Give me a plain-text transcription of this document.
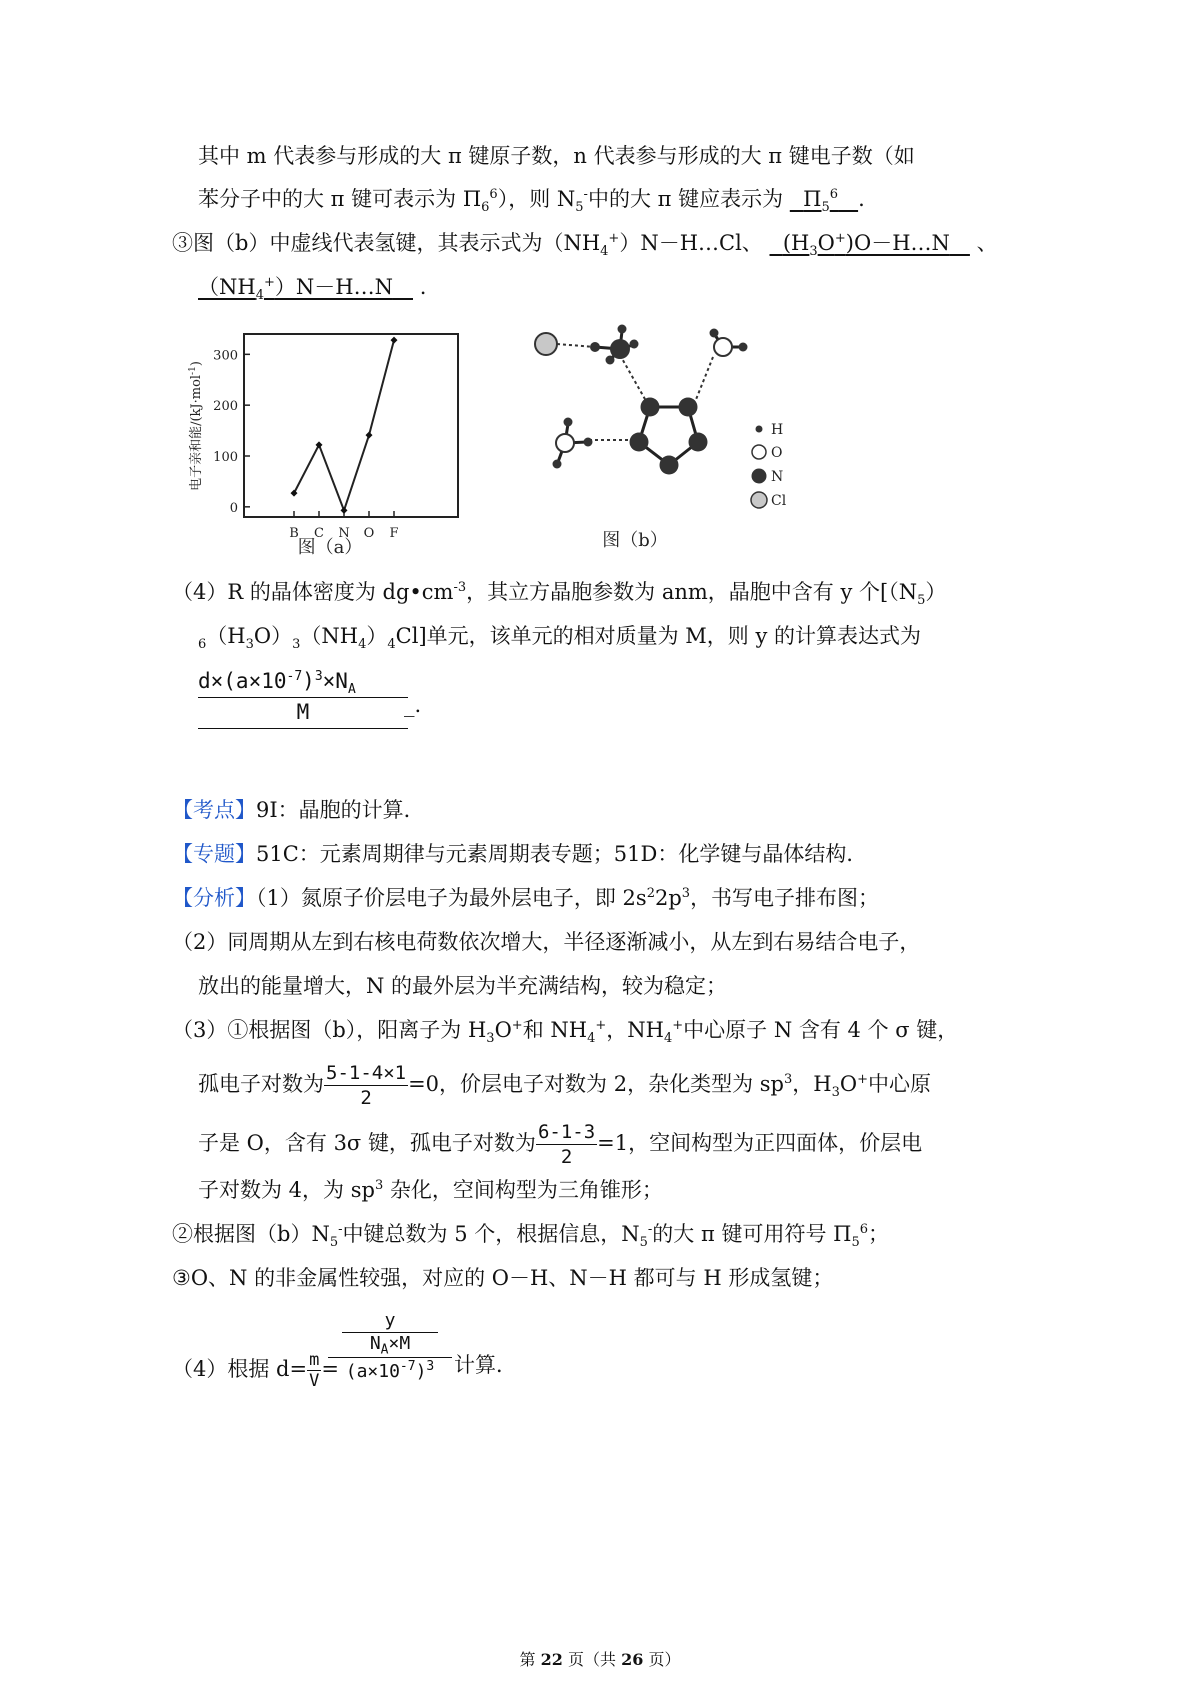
其中 m 代表参与形成的大 π 键原子数，n 代表参与形成的大 π 键电子数（如
苯分子中的大 π 键可表示为 $\Pi_6^6$），则 $N_5^-$中的大 π 键应表示为 $\Pi_5^6$ .
③图（b）中虚线代表氢键，其表示式为$(NH_4^+)N-H\dots Cl$、 $(H_3O^+)O-H\dots N$ 、
$(NH_4^+)N-H\dots N$ .
电子亲和能/(kJ·mol$^{-1}$)
0
100
200
300
B C N O F
图（a）
H
O
N
Cl
图（b）
（4）R 的晶体密度为 $dg•cm^{-3}$，其立方晶胞参数为 anm，晶胞中含有 y 个[$(N_5)$
$_6(H_3O)_3(NH_4)_4Cl$]单元，该单元的相对质量为 M，则 y 的计算表达式为
$d\times(a\times 10^{-7})^3\times N_A$
M	_.
【考点】9I：晶胞的计算．
【专题】51C：元素周期律与元素周期表专题；51D：化学键与晶体结构．
【分析】（1）氮原子价层电子为最外层电子，即 $2s^22p^3$，书写电子排布图；
（2）同周期从左到右核电荷数依次增大，半径逐渐减小，从左到右易结合电子，
放出的能量增大，N 的最外层为半充满结构，较为稳定；
（3）①根据图（b），阳离子为 $H_3O^+$和 $NH_4^+$，$NH_4^+$中心原子 N 含有 4 个 σ 键，
孤电子对数为 $\frac{5-1-4\times 1}{2} =0$，价层电子对数为 2，杂化类型为 $sp^3$，$H_3O^+$中心原
子是 O，含有 3σ 键，孤电子对数为 $\frac{6-1-3}{2} =1$，空间构型为正四面体，价层电
子对数为 4，为 $sp^3$ 杂化，空间构型为三角锥形；
②根据图$(b)N_5^-$中键总数为 5 个，根据信息，$N_5^-$的大 π 键可用符号 $\Pi_5^6$；
③O、N 的非金属性较强，对应的 O－H、N－H 都可与 H 形成氢键；
（4）根据 $d= \frac{m}{V}$ =
y
$N_A\times M$
$(a\times 10^{-7})^3$ 计算．
第 22 页（共 26 页）
